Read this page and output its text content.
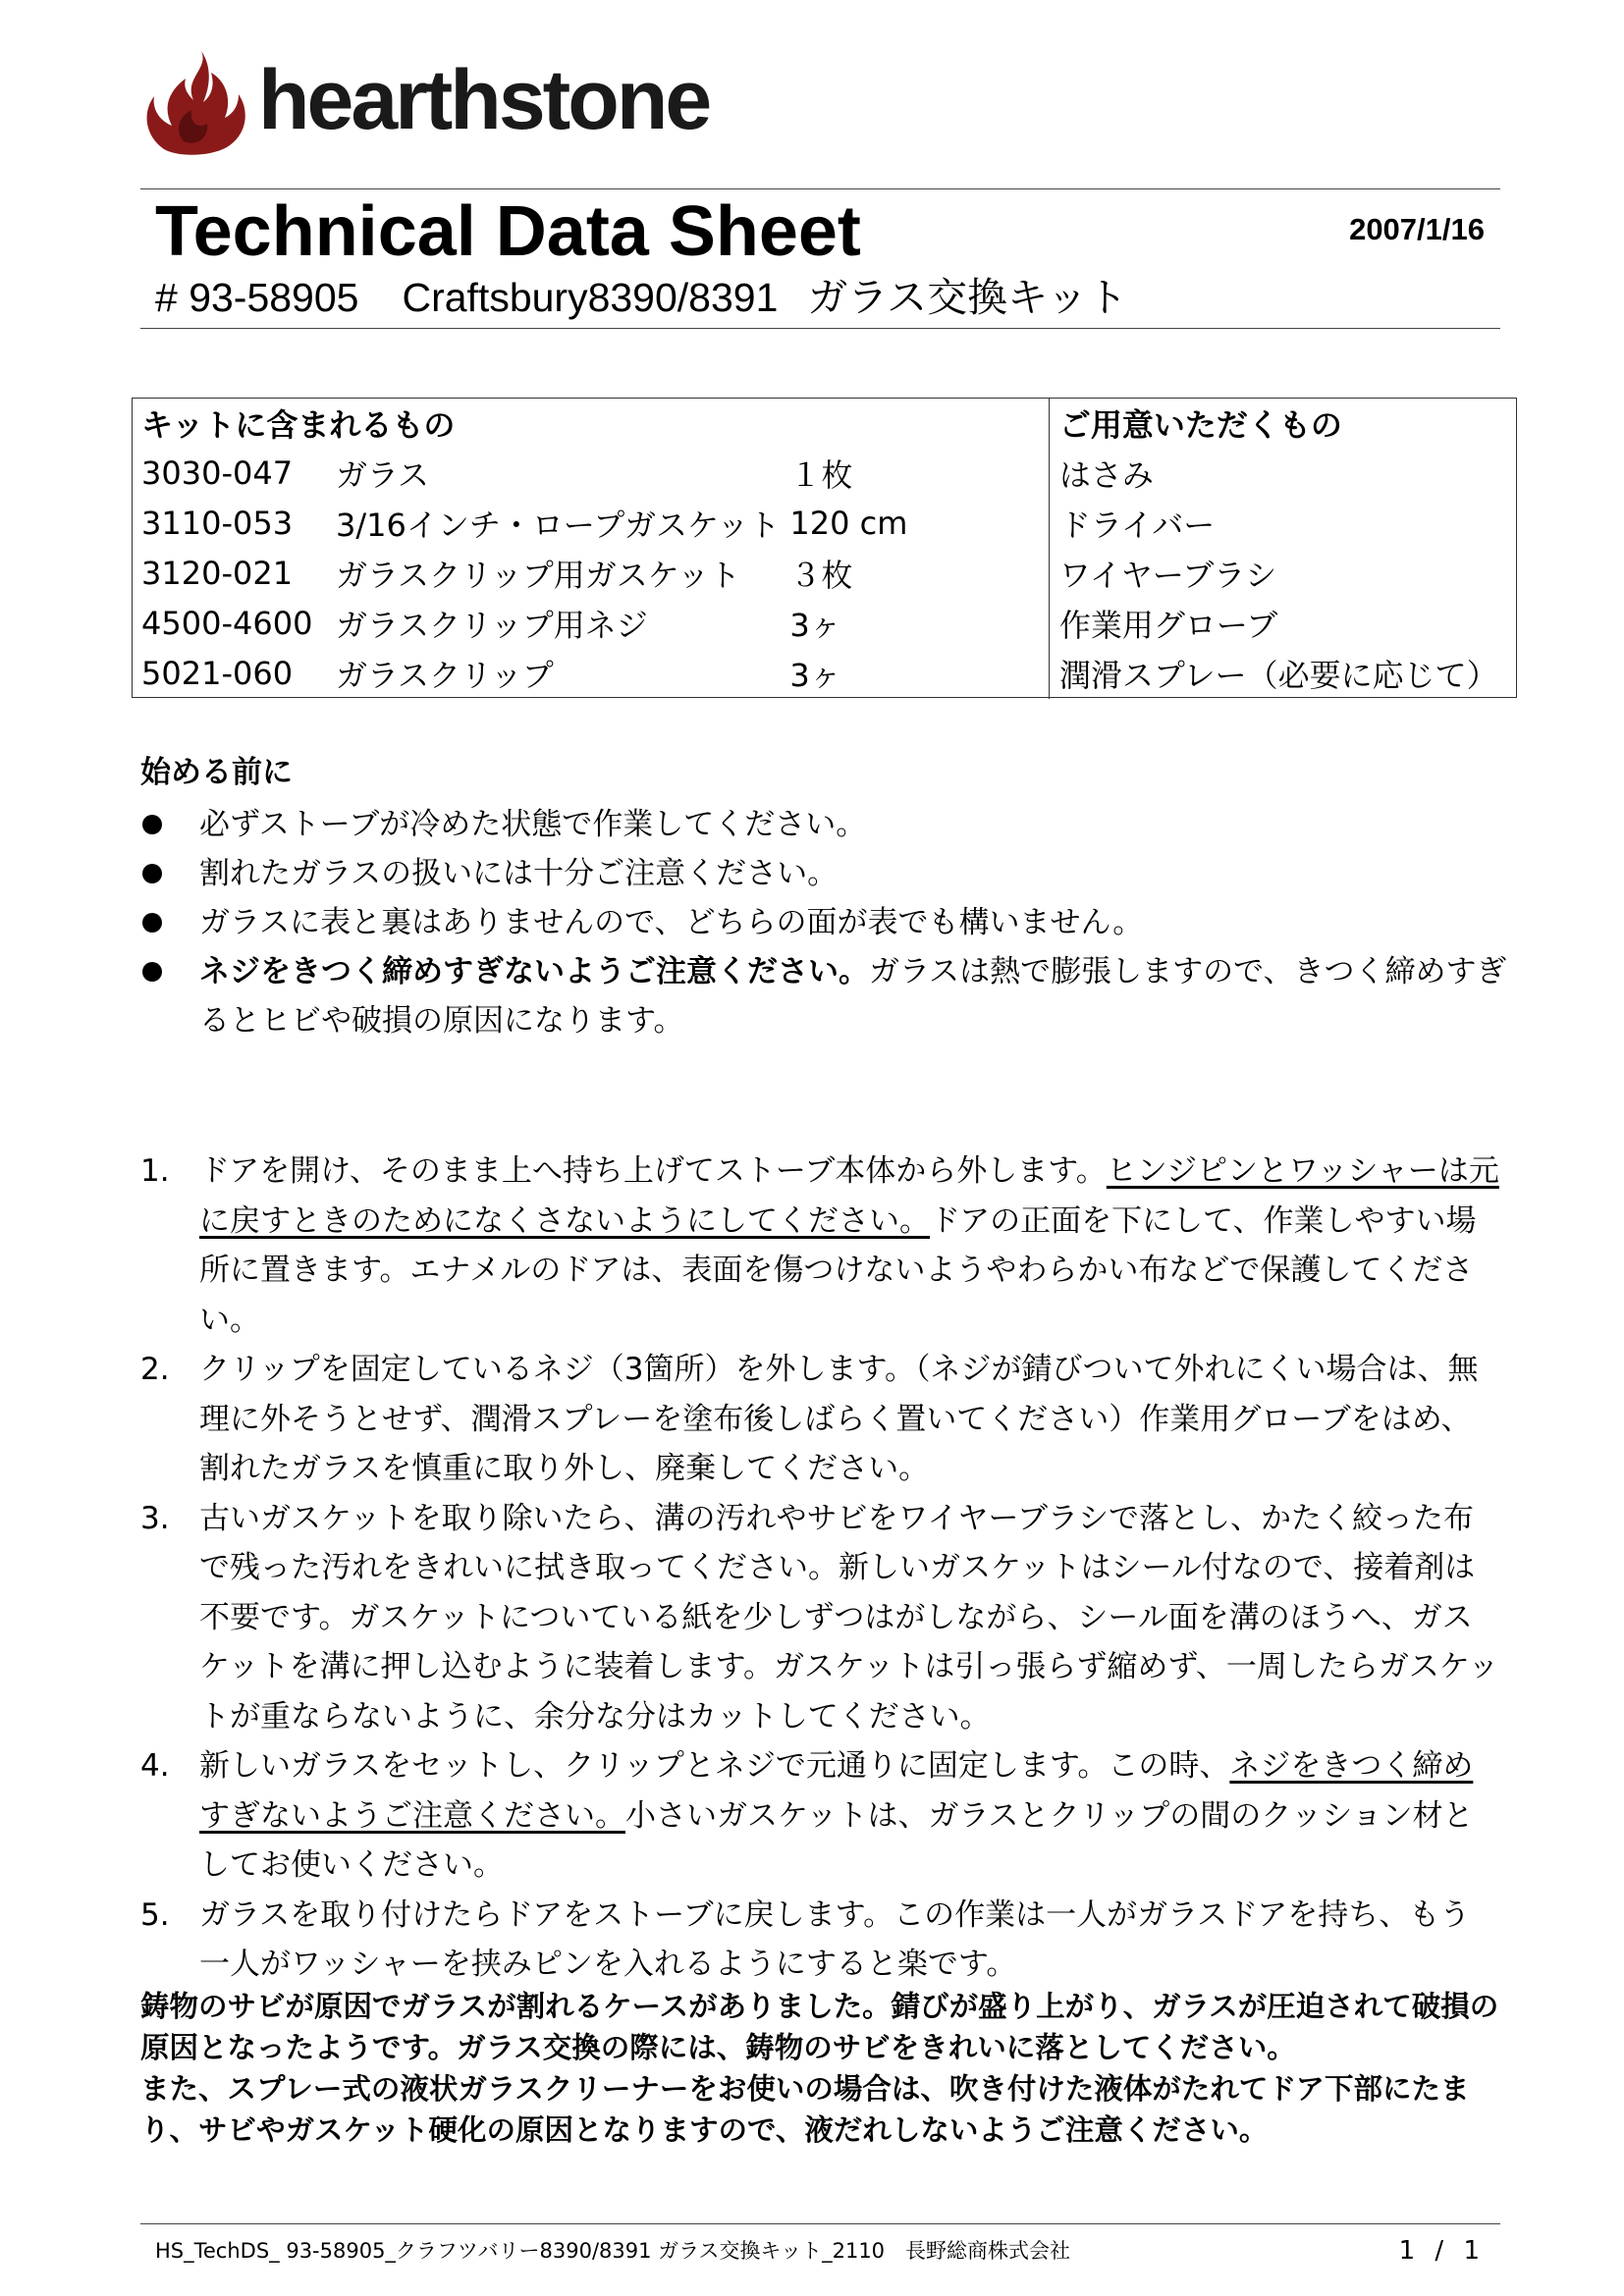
hearthstone
Technical Data Sheet	2007/1/16
# 93-58905 Craftsbury8390/8391 ガラス交換キット
キットに含まれるもの			ご用意いただくもの
3030-047	ガラス	１枚	はさみ
3110-053	3/16インチ・ロープガスケット	120 cm	ドライバー
3120-021	ガラスクリップ用ガスケット	３枚	ワイヤーブラシ
4500-4600	ガラスクリップ用ネジ	3ヶ	作業用グローブ
5021-060	ガラスクリップ	3ヶ	潤滑スプレー（必要に応じて）
始める前に
必ずストーブが冷めた状態で作業してください。
割れたガラスの扱いには十分ご注意ください。
ガラスに表と裏はありませんので、どちらの面が表でも構いません。
ネジをきつく締めすぎないようご注意ください。ガラスは熱で膨張しますので、きつく締めすぎるとヒビや破損の原因になります。
1. ドアを開け、そのまま上へ持ち上げてストーブ本体から外します。ヒンジピンとワッシャーは元に戻すときのためになくさないようにしてください。ドアの正面を下にして、作業しやすい場所に置きます。エナメルのドアは、表面を傷つけないようやわらかい布などで保護してください。
2. クリップを固定しているネジ（3箇所）を外します。（ネジが錆びついて外れにくい場合は、無理に外そうとせず、潤滑スプレーを塗布後しばらく置いてください）作業用グローブをはめ、割れたガラスを慎重に取り外し、廃棄してください。
3. 古いガスケットを取り除いたら、溝の汚れやサビをワイヤーブラシで落とし、かたく絞った布で残った汚れをきれいに拭き取ってください。新しいガスケットはシール付なので、接着剤は不要です。ガスケットについている紙を少しずつはがしながら、シール面を溝のほうへ、ガスケットを溝に押し込むように装着します。ガスケットは引っ張らず縮めず、一周したらガスケットが重ならないように、余分な分はカットしてください。
4. 新しいガラスをセットし、クリップとネジで元通りに固定します。この時、ネジをきつく締めすぎないようご注意ください。小さいガスケットは、ガラスとクリップの間のクッション材としてお使いください。
5. ガラスを取り付けたらドアをストーブに戻します。この作業は一人がガラスドアを持ち、もう一人がワッシャーを挟みピンを入れるようにすると楽です。

鋳物のサビが原因でガラスが割れるケースがありました。錆びが盛り上がり、ガラスが圧迫されて破損の原因となったようです。ガラス交換の際には、鋳物のサビをきれいに落としてください。

また、スプレー式の液状ガラスクリーナーをお使いの場合は、吹き付けた液体がたれてドア下部にたまり、サビやガスケット硬化の原因となりますので、液だれしないようご注意ください。

HS_TechDS_ 93-58905_クラフツバリー8390/8391 ガラス交換キット_2110　長野総商株式会社	1 / 1
